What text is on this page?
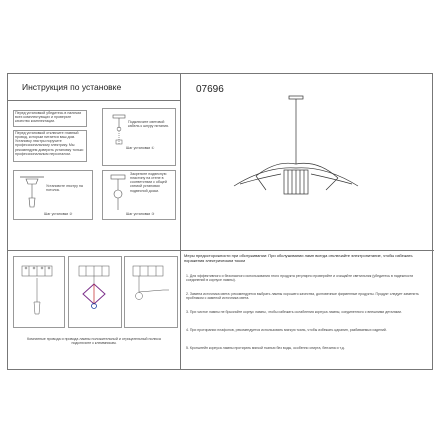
Инструкция по установке	07696
Перед установкой убедитесь в наличии всех комплектующих и проверьте качество комплектации.
Перед установкой отключите главный провод, которым питается ваш дом. Установку люстры поручите профессиональному электрику. Мы рекомендуем доверить установку только профессиональным персоналом.
Подключите световой кабель к шнуру питания.
Шаг установки ①
Установите люстру на потолок.
Шаг установки ②
Закрепите подвесную пластину на стене в соответствии с общей схемой установки подвесной доски.
Шаг установки ③
Комнатные провода и провода лампы положительный и отрицательный полюса подключите к клеммникам.
Меры предосторожности при обслуживании: При обслуживании ламп всегда отключайте электропитание, чтобы избежать поражения электрическим током
1. Для эффективного и безопасного использования этого продукта регулярно проверяйте и очищайте светильник (убедитесь в надежности соединений в корпусе лампы).
2. Замена источника света: рекомендуется выбрать лампы хорошего качества, долговечные фирменные продукты. Продукт следует заменить пробником с заменой источника света.
3. При чистке лампы не брызгайте корпус лампы, чтобы избежать ослабления корпуса лампы, соединенного с внешними деталями.
4. При протирании плафонов, рекомендуется использовать мягкую ткань, чтобы избежать царапин, разбиваемых изделий.
5. Кронштейн корпуса лампы протирать мягкой тканью без воды, особенно спирта, бензина и т.д.
